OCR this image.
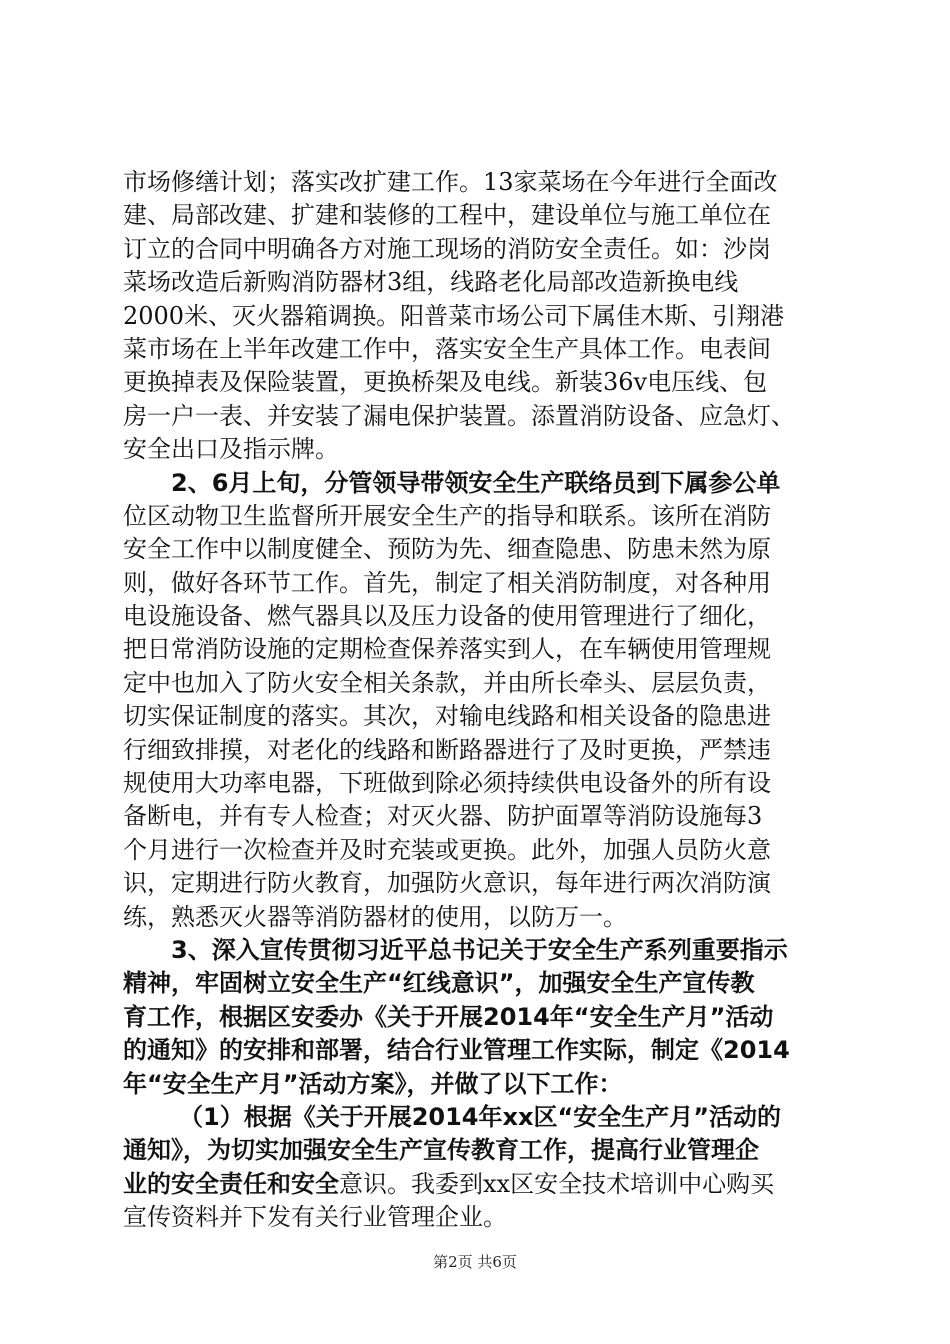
市场修缮计划；落实改扩建工作。13家菜场在今年进行全面改
建、局部改建、扩建和装修的工程中，建设单位与施工单位在
订立的合同中明确各方对施工现场的消防安全责任。如：沙岗
菜场改造后新购消防器材3组，线路老化局部改造新换电线
2000米、灭火器箱调换。阳普菜市场公司下属佳木斯、引翔港
菜市场在上半年改建工作中，落实安全生产具体工作。电表间
更换掉表及保险装置，更换桥架及电线。新装36v电压线、包
房一户一表、并安装了漏电保护装置。添置消防设备、应急灯、
安全出口及指示牌。
2、6月上旬，分管领导带领安全生产联络员到下属参公单
位区动物卫生监督所开展安全生产的指导和联系。该所在消防
安全工作中以制度健全、预防为先、细查隐患、防患未然为原
则，做好各环节工作。首先，制定了相关消防制度，对各种用
电设施设备、燃气器具以及压力设备的使用管理进行了细化，
把日常消防设施的定期检查保养落实到人，在车辆使用管理规
定中也加入了防火安全相关条款，并由所长牵头、层层负责，
切实保证制度的落实。其次，对输电线路和相关设备的隐患进
行细致排摸，对老化的线路和断路器进行了及时更换，严禁违
规使用大功率电器，下班做到除必须持续供电设备外的所有设
备断电，并有专人检查；对灭火器、防护面罩等消防设施每3
个月进行一次检查并及时充装或更换。此外，加强人员防火意
识，定期进行防火教育，加强防火意识，每年进行两次消防演
练，熟悉灭火器等消防器材的使用，以防万一。
3、深入宣传贯彻习近平总书记关于安全生产系列重要指示
精神，牢固树立安全生产“红线意识”，加强安全生产宣传教
育工作，根据区安委办《关于开展2014年“安全生产月”活动
的通知》的安排和部署，结合行业管理工作实际，制定《2014
年“安全生产月”活动方案》，并做了以下工作：
（1）根据《关于开展2014年xx区“安全生产月”活动的
通知》，为切实加强安全生产宣传教育工作，提高行业管理企
业的安全责任和安全意识。我委到xx区安全技术培训中心购买
宣传资料并下发有关行业管理企业。
第2页 共6页
